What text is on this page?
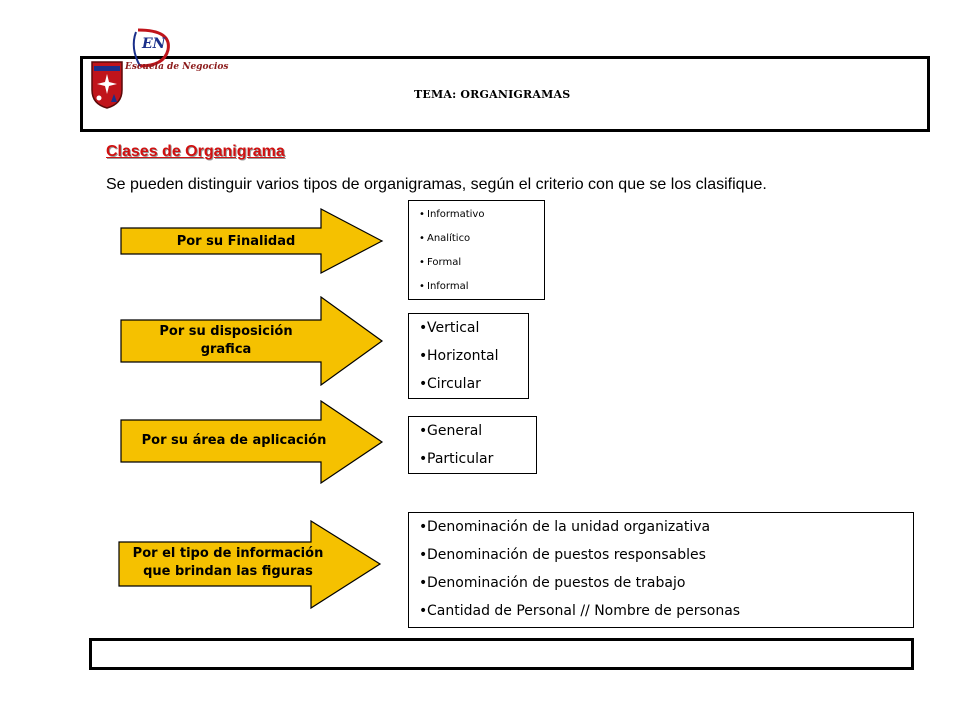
EN
Escuela de Negocios
TEMA: ORGANIGRAMAS
Clases de Organigrama
Se pueden distinguir varios tipos de organigramas, según el criterio con que se los clasifique.
Por su Finalidad
• Informativo
• Analítico
• Formal
• Informal
Por su disposición
grafica
• Vertical
• Horizontal
• Circular
Por su área de aplicación
• General
• Particular
Por el tipo de información
que brindan las figuras
• Denominación de la unidad organizativa
• Denominación de puestos responsables
• Denominación de puestos de trabajo
• Cantidad de Personal // Nombre de personas
